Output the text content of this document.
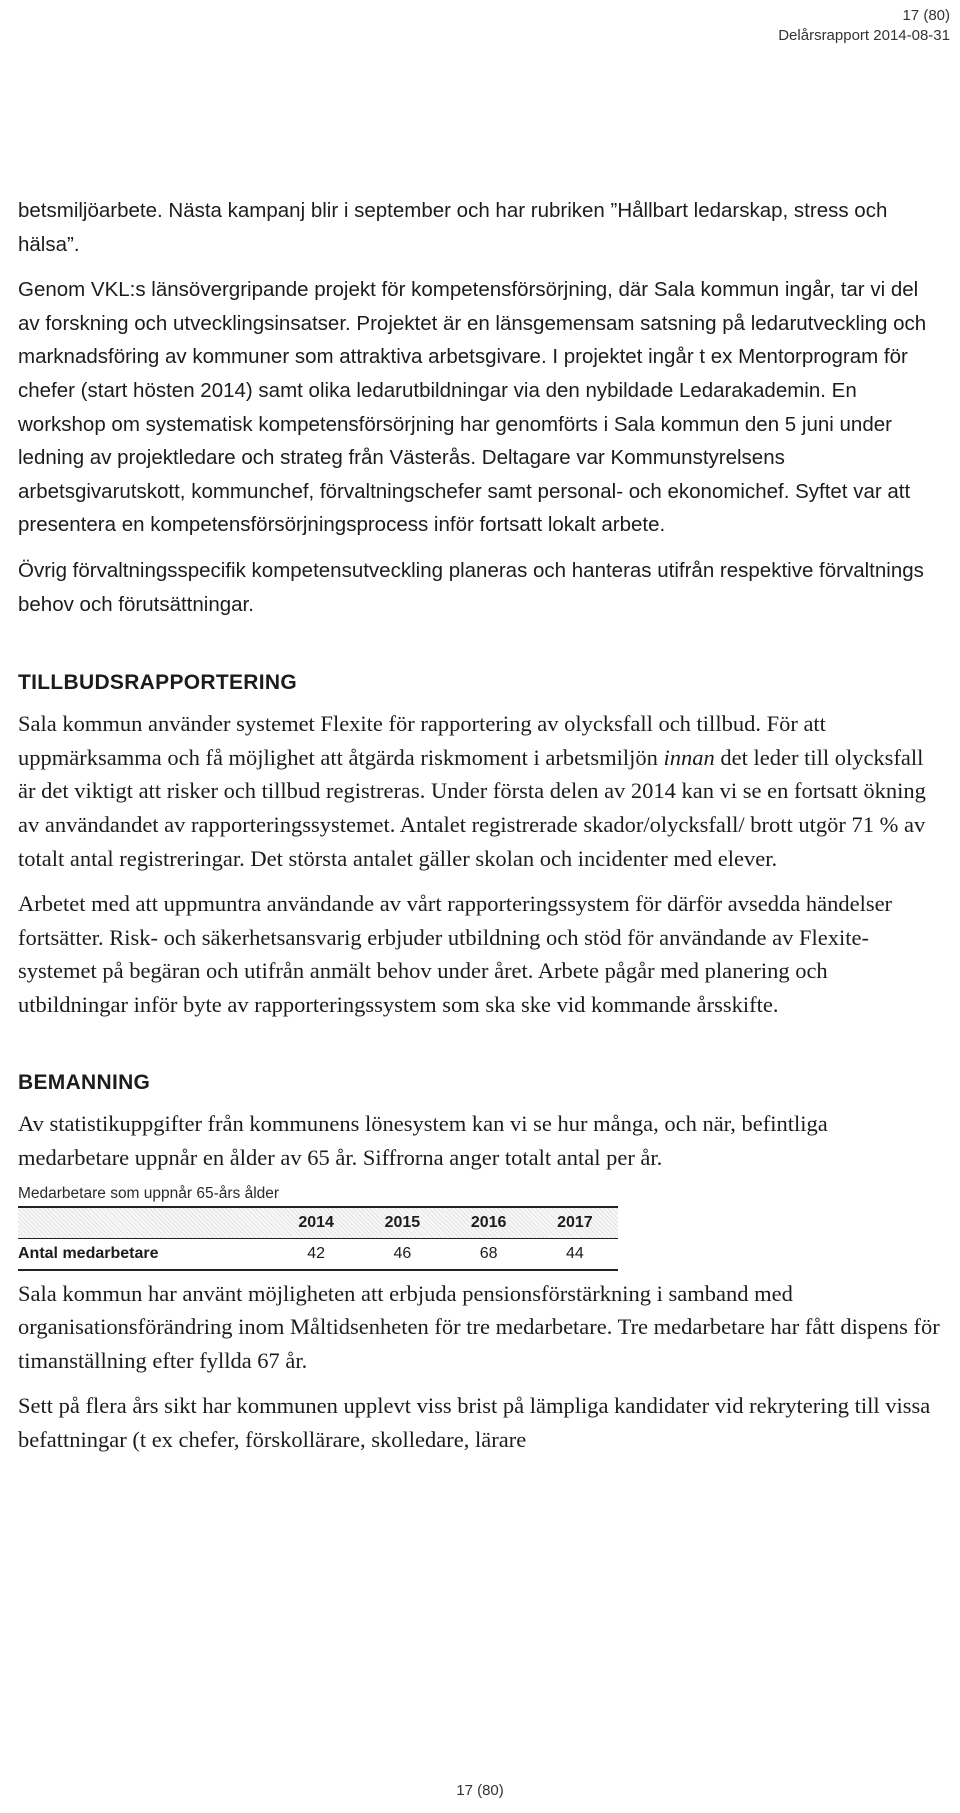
17 (80)
Delårsrapport 2014-08-31

betsmiljöarbete. Nästa kampanj blir i september och har rubriken ”Hållbart ledarskap, stress och hälsa”.

Genom VKL:s länsövergripande projekt för kompetensförsörjning, där Sala kommun ingår, tar vi del av forskning och utvecklingsinsatser. Projektet är en länsgemensam satsning på ledarutveckling och marknadsföring av kommuner som attraktiva arbetsgivare. I projektet ingår t ex Mentorprogram för chefer (start hösten 2014) samt olika ledarutbildningar via den nybildade Ledarakademin. En workshop om systematisk kompetensförsörjning har genomförts i Sala kommun den 5 juni under ledning av projektledare och strateg från Västerås. Deltagare var Kommunstyrelsens arbetsgivarutskott, kommunchef, förvaltningschefer samt personal- och ekonomichef. Syftet var att presentera en kompetensförsörjningsprocess inför fortsatt lokalt arbete.

Övrig förvaltningsspecifik kompetensutveckling planeras och hanteras utifrån respektive förvaltnings behov och förutsättningar.

TILLBUDSRAPPORTERING

Sala kommun använder systemet Flexite för rapportering av olycksfall och tillbud. För att uppmärksamma och få möjlighet att åtgärda riskmoment i arbetsmiljön innan det leder till olycksfall är det viktigt att risker och tillbud registreras. Under första delen av 2014 kan vi se en fortsatt ökning av användandet av rapporteringssystemet. Antalet registrerade skador/olycksfall/ brott utgör 71 % av totalt antal registreringar. Det största antalet gäller skolan och incidenter med elever.

Arbetet med att uppmuntra användande av vårt rapporteringssystem för därför avsedda händelser fortsätter. Risk- och säkerhetsansvarig erbjuder utbildning och stöd för användande av Flexite-systemet på begäran och utifrån anmält behov under året. Arbete pågår med planering och utbildningar inför byte av rapporteringssystem som ska ske vid kommande årsskifte.

BEMANNING

Av statistikuppgifter från kommunens lönesystem kan vi se hur många, och när, befintliga medarbetare uppnår en ålder av 65 år. Siffrorna anger totalt antal per år.

Medarbetare som uppnår 65-års ålder
	2014	2015	2016	2017
Antal medarbetare	42	46	68	44

Sala kommun har använt möjligheten att erbjuda pensionsförstärkning i samband med organisationsförändring inom Måltidsenheten för tre medarbetare. Tre medarbetare har fått dispens för timanställning efter fyllda 67 år.

Sett på flera års sikt har kommunen upplevt viss brist på lämpliga kandidater vid rekrytering till vissa befattningar (t ex chefer, förskollärare, skolledare, lärare

17 (80)
